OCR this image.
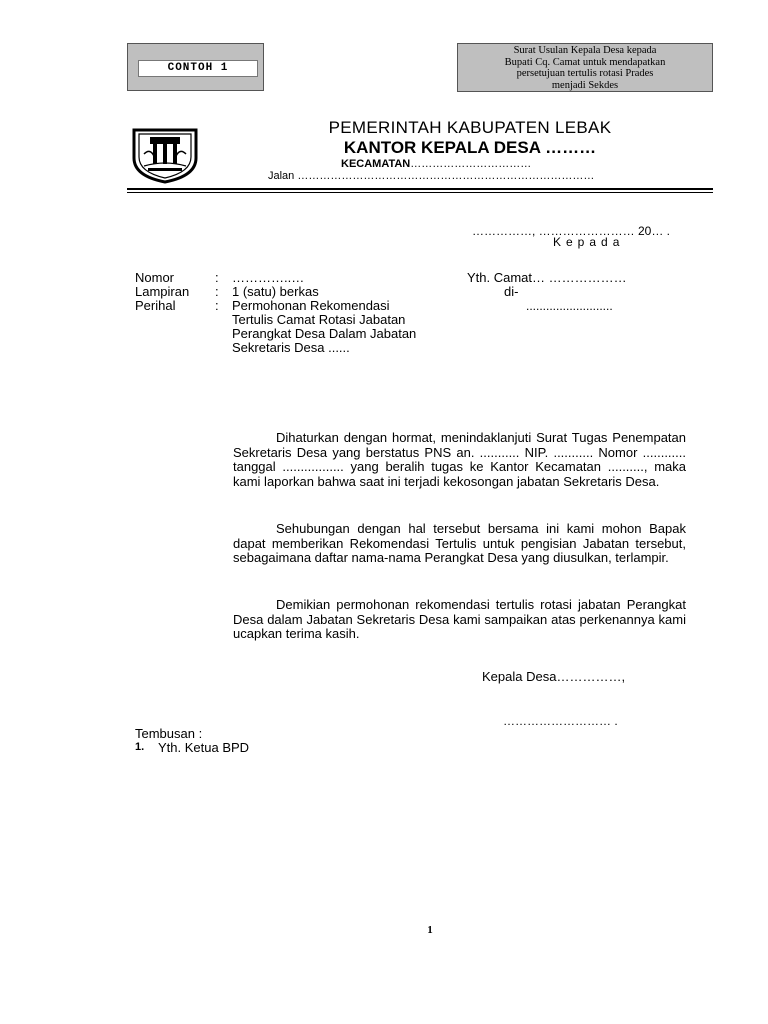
CONTOH 1
Surat Usulan Kepala Desa kepada
Bupati Cq. Camat untuk mendapatkan
persetujuan tertulis rotasi Prades
menjadi Sekdes
PEMERINTAH KABUPATEN LEBAK
KANTOR KEPALA DESA ………
KECAMATAN……………………………
Jalan ………………………………………………………………………
……………, …………………… 20… .
Kepada
Nomor	: …………..…
Lampiran : 1 (satu) berkas
Perihal	: Permohonan Rekomendasi
Tertulis Camat Rotasi Jabatan
Perangkat Desa Dalam Jabatan
Sekretaris Desa ......
Yth. Camat… ………………
di-
..........................
Dihaturkan dengan hormat, menindaklanjuti Surat Tugas Penempatan Sekretaris Desa yang berstatus PNS an. ........... NIP. ........... Nomor ............ tanggal ................. yang beralih tugas ke Kantor Kecamatan .........., maka kami laporkan bahwa saat ini terjadi kekosongan jabatan Sekretaris Desa.
Sehubungan dengan hal tersebut bersama ini kami mohon Bapak dapat memberikan Rekomendasi Tertulis untuk pengisian Jabatan tersebut, sebagaimana daftar nama-nama Perangkat Desa yang diusulkan, terlampir.
Demikian permohonan rekomendasi tertulis rotasi jabatan Perangkat Desa dalam Jabatan Sekretaris Desa kami sampaikan atas perkenannya kami ucapkan terima kasih.
Kepala Desa……………,
……………………… .
Tembusan :
1. Yth. Ketua BPD
1
